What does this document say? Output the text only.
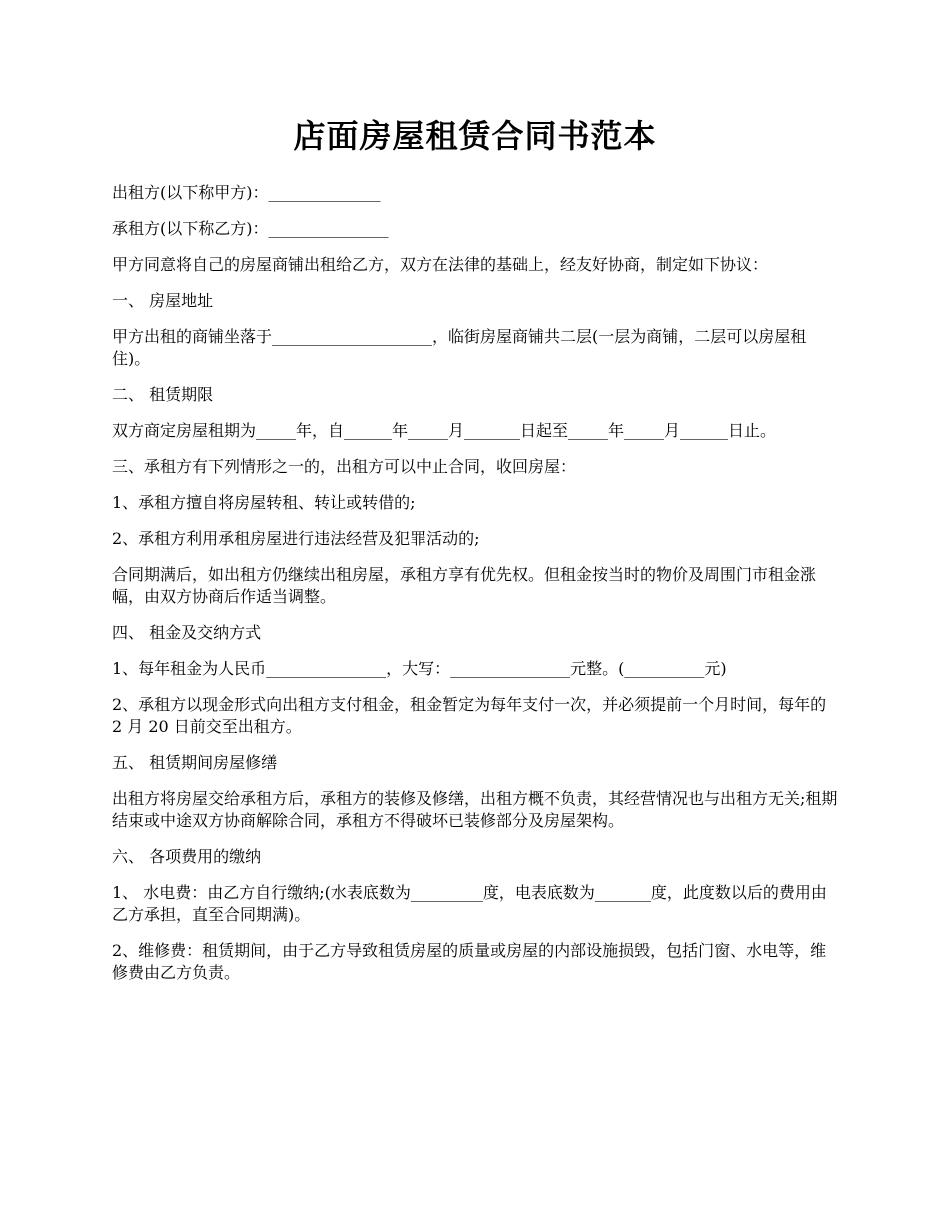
店面房屋租赁合同书范本

出租方(以下称甲方)：______________

承租方(以下称乙方)：_______________

甲方同意将自己的房屋商铺出租给乙方，双方在法律的基础上，经友好协商，制定如下协议：

一、 房屋地址

甲方出租的商铺坐落于____________________，临街房屋商铺共二层(一层为商铺，二层可以房屋租住)。

二、 租赁期限

双方商定房屋租期为_____年，自______年_____月_______日起至_____年_____月______日止。

三、承租方有下列情形之一的，出租方可以中止合同，收回房屋：

1、承租方擅自将房屋转租、转让或转借的;

2、承租方利用承租房屋进行违法经营及犯罪活动的;

合同期满后，如出租方仍继续出租房屋，承租方享有优先权。但租金按当时的物价及周围门市租金涨幅，由双方协商后作适当调整。

四、 租金及交纳方式

1、每年租金为人民币_______________，大写：_______________元整。(__________元)

2、承租方以现金形式向出租方支付租金，租金暂定为每年支付一次，并必须提前一个月时间，每年的 2 月 20 日前交至出租方。

五、 租赁期间房屋修缮

出租方将房屋交给承租方后，承租方的装修及修缮，出租方概不负责，其经营情况也与出租方无关;租期结束或中途双方协商解除合同，承租方不得破坏已装修部分及房屋架构。

六、 各项费用的缴纳

1、 水电费：由乙方自行缴纳;(水表底数为_________度，电表底数为_______度，此度数以后的费用由乙方承担，直至合同期满)。

2、维修费：租赁期间，由于乙方导致租赁房屋的质量或房屋的内部设施损毁，包括门窗、水电等，维修费由乙方负责。
